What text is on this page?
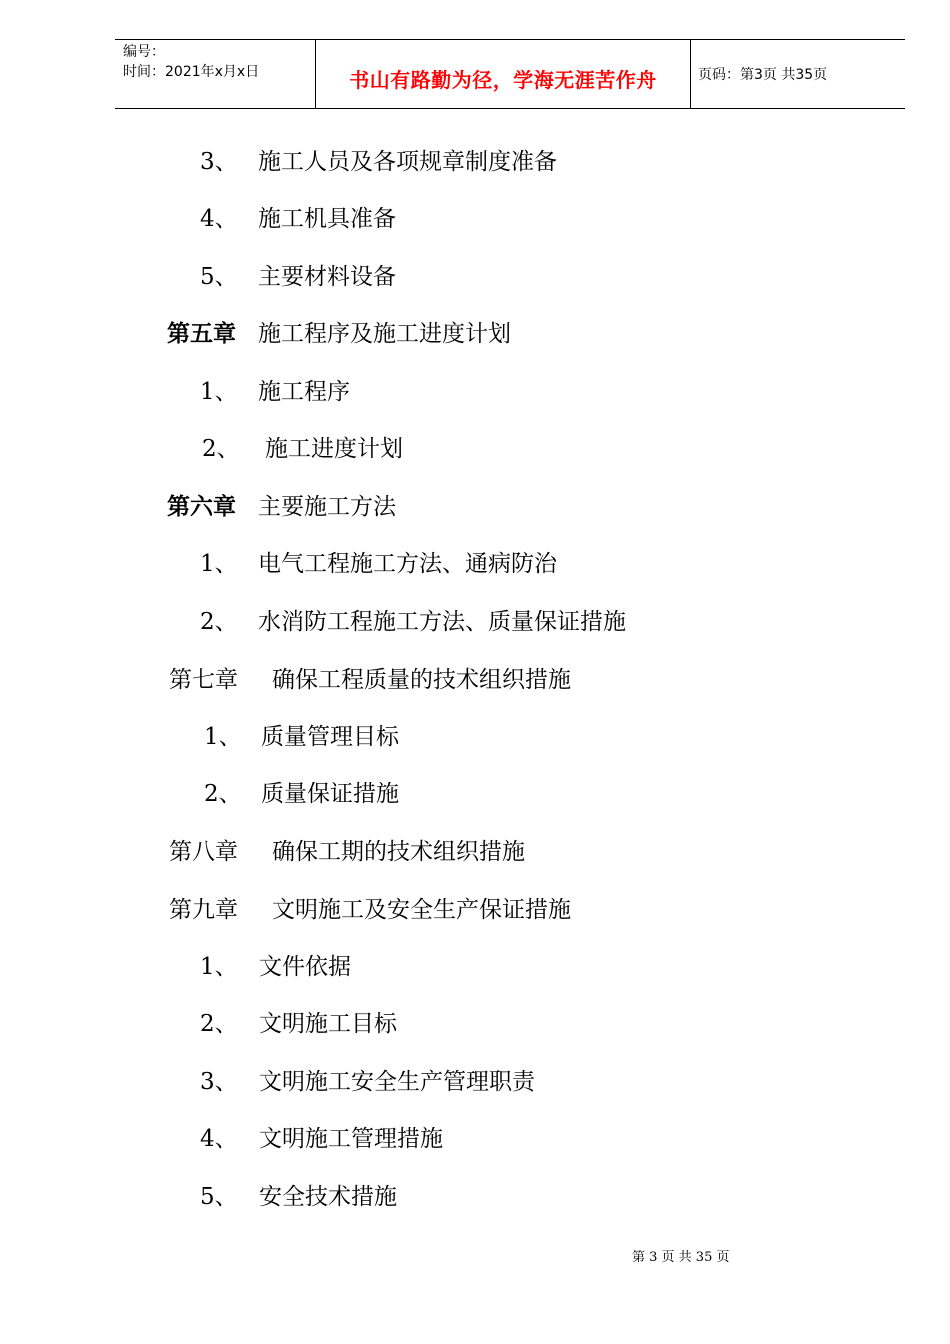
编号：
时间：2021年x月x日	书山有路勤为径，学海无涯苦作舟	页码：第3页 共35页
3、 施工人员及各项规章制度准备
4、 施工机具准备
5、 主要材料设备
第五章 施工程序及施工进度计划
1、 施工程序
2、 施工进度计划
第六章 主要施工方法
1、 电气工程施工方法、通病防治
2、 水消防工程施工方法、质量保证措施
第七章 确保工程质量的技术组织措施
1、 质量管理目标
2、 质量保证措施
第八章 确保工期的技术组织措施
第九章 文明施工及安全生产保证措施
1、 文件依据
2、 文明施工目标
3、 文明施工安全生产管理职责
4、 文明施工管理措施
5、 安全技术措施
第 3 页 共 35 页
